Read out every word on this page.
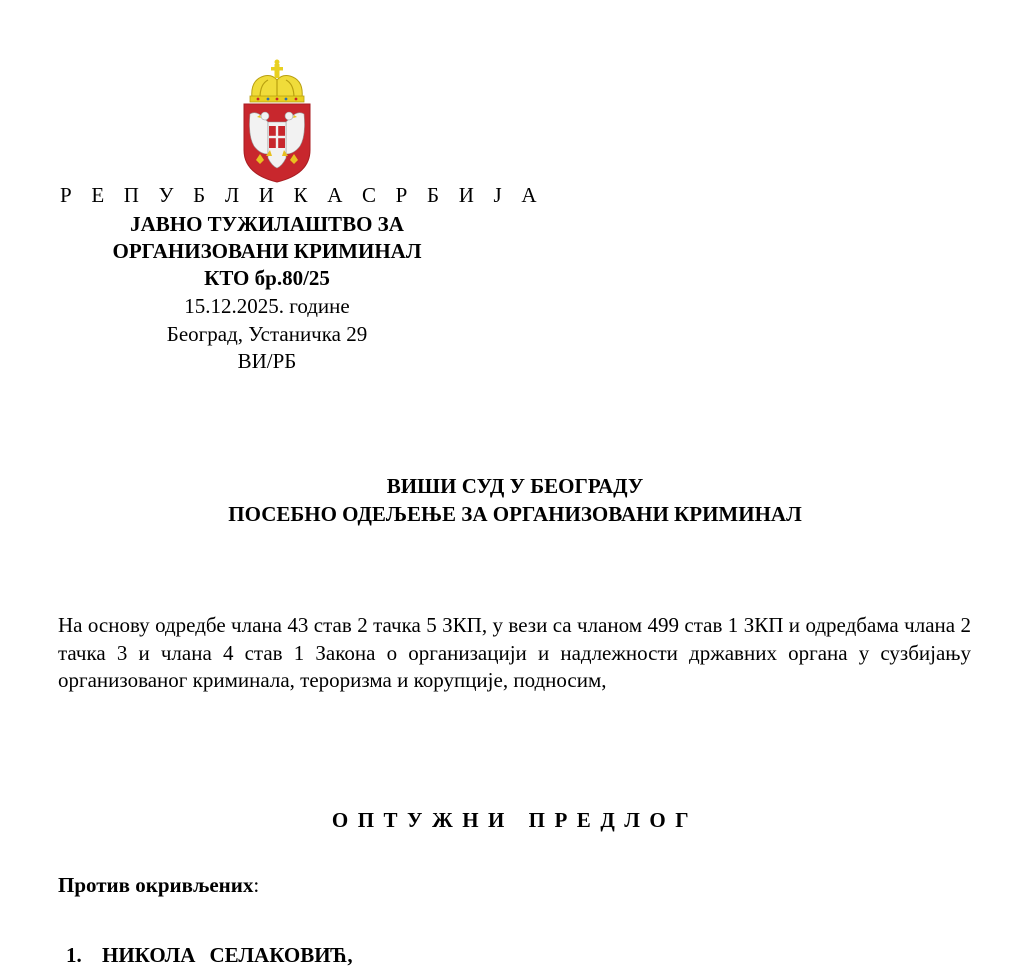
Р Е П У Б Л И К А С Р Б И Ј А
ЈАВНО ТУЖИЛАШТВО ЗА
ОРГАНИЗОВАНИ КРИМИНАЛ
КТО бр.80/25
15.12.2025. године
Београд, Устаничка 29
ВИ/РБ
ВИШИ СУД У БЕОГРАДУ
ПОСЕБНО ОДЕЉЕЊЕ ЗА ОРГАНИЗОВАНИ КРИМИНАЛ
На основу одредбе члана 43 став 2 тачка 5 ЗКП, у вези са чланом 499 став 1 ЗКП и одредбама члана 2 тачка 3 и члана 4 став 1 Закона о организацији и надлежности државних органа у сузбијању организованог криминала, тероризма и корупције, подносим,
ОПТУЖНИ ПРЕДЛОГ
Против окривљених:
1. НИКОЛА СЕЛАКОВИЋ,
